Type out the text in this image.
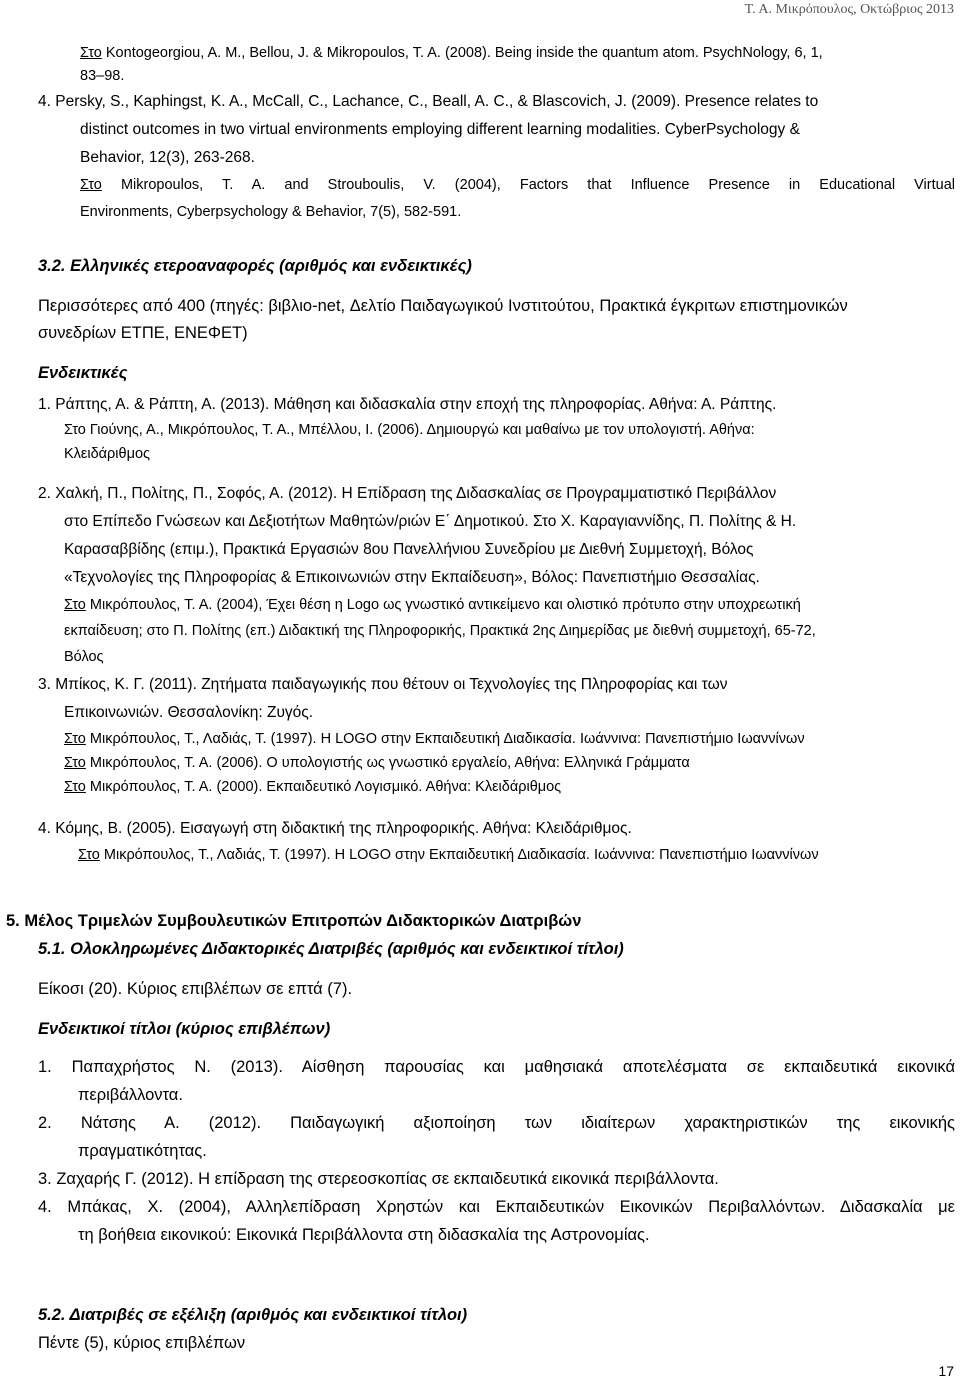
Τ. Α. Μικρόπουλος, Οκτώβριος 2013
Στο Kontogeorgiou, A. M., Bellou, J. & Mikropoulos, T. A. (2008). Being inside the quantum atom. PsychNology, 6, 1,
83–98.
4. Persky, S., Kaphingst, K. A., McCall, C., Lachance, C., Beall, A. C., & Blascovich, J. (2009). Presence relates to
distinct outcomes in two virtual environments employing different learning modalities. CyberPsychology &
Behavior, 12(3), 263-268.
Στο Mikropoulos, T. A. and Strouboulis, V. (2004), Factors that Influence Presence in Educational Virtual
Environments, Cyberpsychology & Behavior, 7(5), 582-591.
3.2. Ελληνικές ετεροαναφορές (αριθμός και ενδεικτικές)
Περισσότερες από 400 (πηγές: βιβλιο-net, Δελτίο Παιδαγωγικού Ινστιτούτου, Πρακτικά έγκριτων επιστημονικών
συνεδρίων ΕΤΠΕ, ΕΝΕΦΕΤ)
Ενδεικτικές
1. Ράπτης, Α. & Ράπτη, Α. (2013). Μάθηση και διδασκαλία στην εποχή της πληροφορίας. Αθήνα: Α. Ράπτης.
Στο Γιούνης, Α., Μικρόπουλος, Τ. Α., Μπέλλου, Ι. (2006). Δημιουργώ και μαθαίνω με τον υπολογιστή. Αθήνα:
Κλειδάριθμος
2. Χαλκή, Π., Πολίτης, Π., Σοφός, Α. (2012). Η Επίδραση της Διδασκαλίας σε Προγραμματιστικό Περιβάλλον
στο Επίπεδο Γνώσεων και Δεξιοτήτων Μαθητών/ριών Ε΄ Δημοτικού. Στο Χ. Καραγιαννίδης, Π. Πολίτης & Η.
Καρασαββίδης (επιμ.), Πρακτικά Εργασιών 8ου Πανελλήνιου Συνεδρίου με Διεθνή Συμμετοχή, Βόλος
«Τεχνολογίες της Πληροφορίας & Επικοινωνιών στην Εκπαίδευση», Βόλος: Πανεπιστήμιο Θεσσαλίας.
Στο Μικρόπουλος, Τ. Α. (2004), Έχει θέση η Logo ως γνωστικό αντικείμενο και ολιστικό πρότυπο στην υποχρεωτική
εκπαίδευση; στο Π. Πολίτης (επ.) Διδακτική της Πληροφορικής, Πρακτικά 2ης Διημερίδας με διεθνή συμμετοχή, 65-72,
Βόλος
3. Μπίκος, Κ. Γ. (2011). Ζητήματα παιδαγωγικής που θέτουν οι Τεχνολογίες της Πληροφορίας και των
Επικοινωνιών. Θεσσαλονίκη: Ζυγός.
Στο Μικρόπουλος, Τ., Λαδιάς, Τ. (1997). Η LOGO στην Εκπαιδευτική Διαδικασία. Ιωάννινα: Πανεπιστήμιο Ιωαννίνων
Στο Μικρόπουλος, Τ. Α. (2006). Ο υπολογιστής ως γνωστικό εργαλείο, Αθήνα: Ελληνικά Γράμματα
Στο Μικρόπουλος, Τ. Α. (2000). Εκπαιδευτικό Λογισμικό. Αθήνα: Κλειδάριθμος
4. Κόμης, Β. (2005). Εισαγωγή στη διδακτική της πληροφορικής. Αθήνα: Κλειδάριθμος.
Στο Μικρόπουλος, Τ., Λαδιάς, Τ. (1997). Η LOGO στην Εκπαιδευτική Διαδικασία. Ιωάννινα: Πανεπιστήμιο Ιωαννίνων
5. Μέλος Τριμελών Συμβουλευτικών Επιτροπών Διδακτορικών Διατριβών
5.1. Ολοκληρωμένες Διδακτορικές Διατριβές (αριθμός και ενδεικτικοί τίτλοι)
Είκοσι (20). Κύριος επιβλέπων σε επτά (7).
Ενδεικτικοί τίτλοι (κύριος επιβλέπων)
1. Παπαχρήστος Ν. (2013). Αίσθηση παρουσίας και μαθησιακά αποτελέσματα σε εκπαιδευτικά εικονικά
περιβάλλοντα.
2. Νάτσης Α. (2012). Παιδαγωγική αξιοποίηση των ιδιαίτερων χαρακτηριστικών της εικονικής
πραγματικότητας.
3. Ζαχαρής Γ. (2012). Η επίδραση της στερεοσκοπίας σε εκπαιδευτικά εικονικά περιβάλλοντα.
4. Μπάκας, Χ. (2004), Αλληλεπίδραση Χρηστών και Εκπαιδευτικών Εικονικών Περιβαλλόντων. Διδασκαλία με
τη βοήθεια εικονικού: Εικονικά Περιβάλλοντα στη διδασκαλία της Αστρονομίας.
5.2. Διατριβές σε εξέλιξη (αριθμός και ενδεικτικοί τίτλοι)
Πέντε (5), κύριος επιβλέπων
17
